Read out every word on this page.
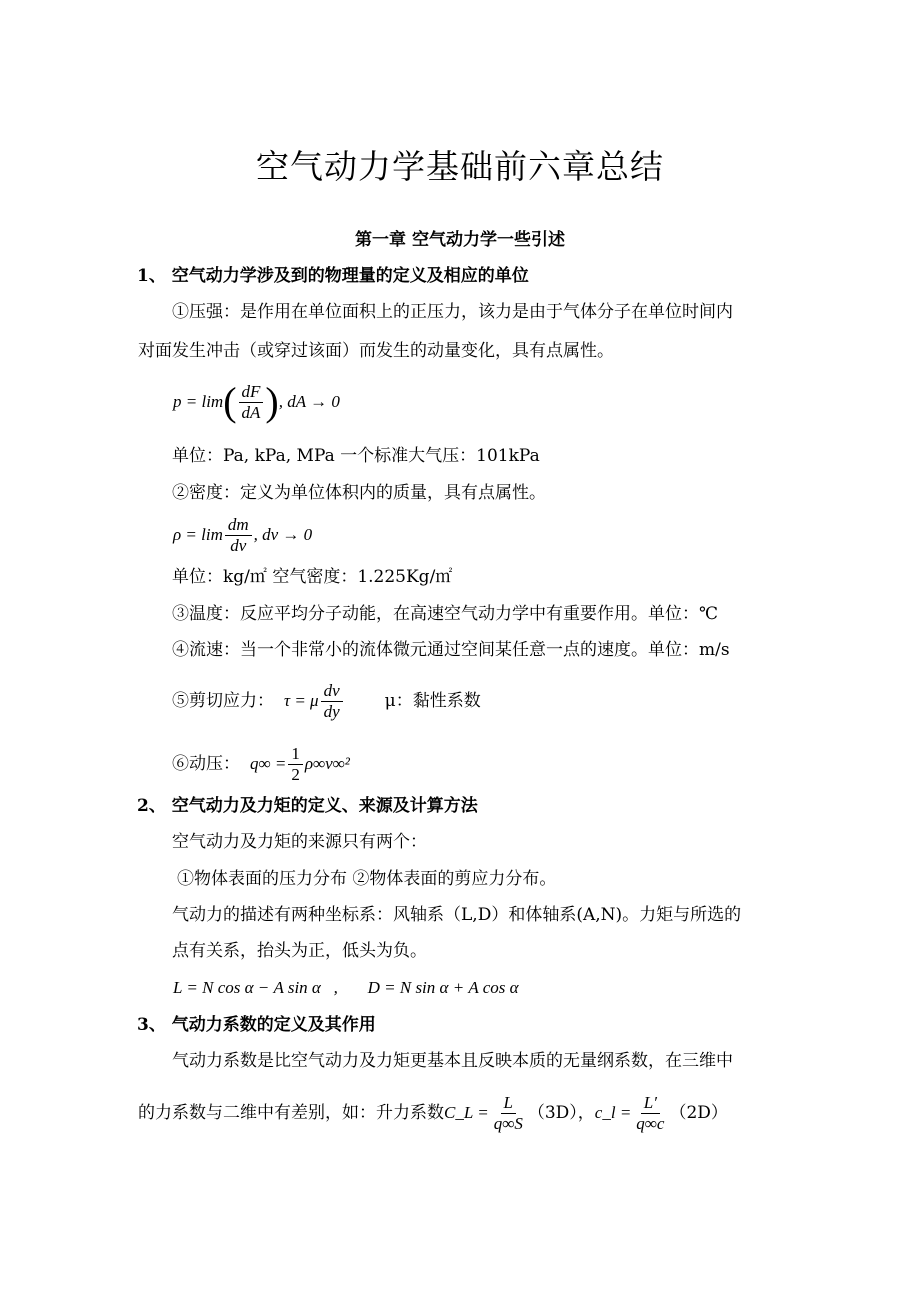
空气动力学基础前六章总结
第一章 空气动力学一些引述
1、 空气动力学涉及到的物理量的定义及相应的单位
①压强：是作用在单位面积上的正压力，该力是由于气体分子在单位时间内
对面发生冲击（或穿过该面）而发生的动量变化，具有点属性。
p = lim ( $\frac{dF}{dA}$ ) , dA → 0
单位：Pa, kPa, MPa 一个标准大气压：101kPa
②密度：定义为单位体积内的质量，具有点属性。
$\rho = \lim \frac{dm}{dv}$ , dv → 0
单位：kg/㎡ 空气密度：1.225Kg/㎡
③温度：反应平均分子动能，在高速空气动力学中有重要作用。单位：℃
④流速：当一个非常小的流体微元通过空间某任意一点的速度。单位：m/s
⑤剪切应力： τ = μ $\frac{dv}{dy}$ μ：黏性系数
⑥动压： $q\infty = \frac{1}{2} \rho\infty v\infty^2$
2、 空气动力及力矩的定义、来源及计算方法
空气动力及力矩的来源只有两个：
①物体表面的压力分布 ②物体表面的剪应力分布。
气动力的描述有两种坐标系：风轴系（L,D）和体轴系(A,N)。力矩与所选的
点有关系，抬头为正，低头为负。
L = N cos α − A sin α   ,       D = N sin α + A cos α
3、 气动力系数的定义及其作用
气动力系数是比空气动力及力矩更基本且反映本质的无量纲系数，在三维中
的力系数与二维中有差别，如：升力系数 C_L = $\frac{L}{q\infty S} (3D)$， c_l = $\frac{L'}{q\infty c} (2D)$
